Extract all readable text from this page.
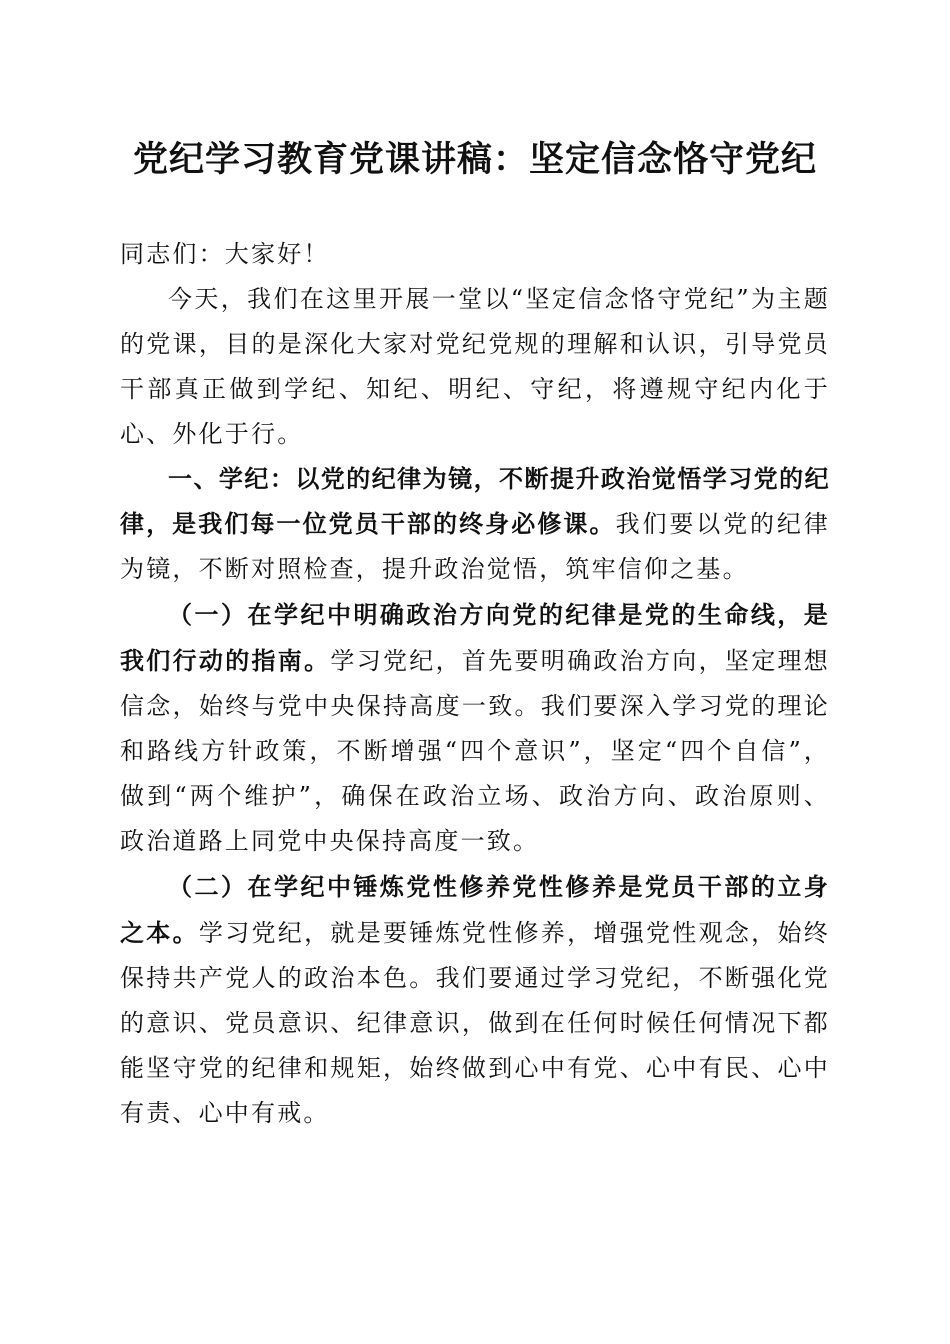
党纪学习教育党课讲稿：坚定信念恪守党纪

同志们：大家好！

今天，我们在这里开展一堂以“坚定信念恪守党纪”为主题的党课，目的是深化大家对党纪党规的理解和认识，引导党员干部真正做到学纪、知纪、明纪、守纪，将遵规守纪内化于心、外化于行。

一、学纪：以党的纪律为镜，不断提升政治觉悟学习党的纪律，是我们每一位党员干部的终身必修课。我们要以党的纪律为镜，不断对照检查，提升政治觉悟，筑牢信仰之基。

（一）在学纪中明确政治方向党的纪律是党的生命线，是我们行动的指南。学习党纪，首先要明确政治方向，坚定理想信念，始终与党中央保持高度一致。我们要深入学习党的理论和路线方针政策，不断增强“四个意识”，坚定“四个自信”，做到“两个维护”，确保在政治立场、政治方向、政治原则、政治道路上同党中央保持高度一致。

（二）在学纪中锤炼党性修养党性修养是党员干部的立身之本。学习党纪，就是要锤炼党性修养，增强党性观念，始终保持共产党人的政治本色。我们要通过学习党纪，不断强化党的意识、党员意识、纪律意识，做到在任何时候任何情况下都能坚守党的纪律和规矩，始终做到心中有党、心中有民、心中有责、心中有戒。
